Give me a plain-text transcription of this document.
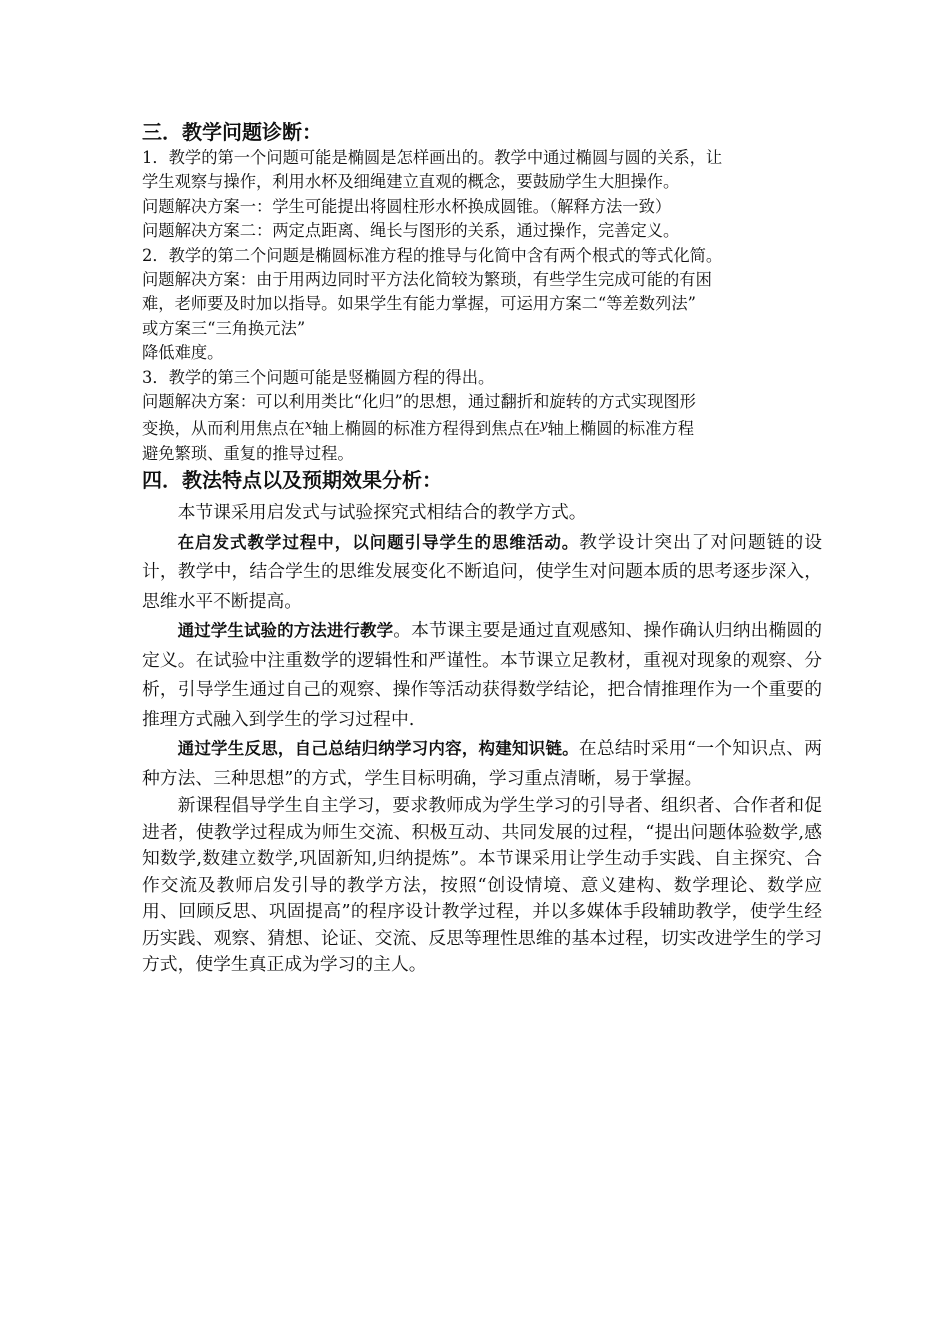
三．教学问题诊断：

1．教学的第一个问题可能是椭圆是怎样画出的。教学中通过椭圆与圆的关系，让

学生观察与操作，利用水杯及细绳建立直观的概念，要鼓励学生大胆操作。

问题解决方案一：学生可能提出将圆柱形水杯换成圆锥。（解释方法一致）

问题解决方案二：两定点距离、绳长与图形的关系，通过操作，完善定义。

2．教学的第二个问题是椭圆标准方程的推导与化简中含有两个根式的等式化简。

问题解决方案：由于用两边同时平方法化简较为繁琐，有些学生完成可能的有困

难，老师要及时加以指导。如果学生有能力掌握，可运用方案二“等差数列法”

或方案三“三角换元法”

降低难度。

3．教学的第三个问题可能是竖椭圆方程的得出。

问题解决方案：可以利用类比“化归”的思想，通过翻折和旋转的方式实现图形

变换，从而利用焦点在$^x$轴上椭圆的标准方程得到焦点在$^y$轴上椭圆的标准方程

避免繁琐、重复的推导过程。

四．教法特点以及预期效果分析：

本节课采用启发式与试验探究式相结合的教学方式。

在启发式教学过程中，以问题引导学生的思维活动。教学设计突出了对问题链的设计，教学中，结合学生的思维发展变化不断追问，使学生对问题本质的思考逐步深入，思维水平不断提高。

通过学生试验的方法进行教学。本节课主要是通过直观感知、操作确认归纳出椭圆的定义。在试验中注重数学的逻辑性和严谨性。本节课立足教材，重视对现象的观察、分析，引导学生通过自己的观察、操作等活动获得数学结论，把合情推理作为一个重要的推理方式融入到学生的学习过程中.

通过学生反思，自己总结归纳学习内容，构建知识链。在总结时采用“一个知识点、两种方法、三种思想”的方式，学生目标明确，学习重点清晰，易于掌握。

新课程倡导学生自主学习，要求教师成为学生学习的引导者、组织者、合作者和促进者，使教学过程成为师生交流、积极互动、共同发展的过程，“提出问题体验数学,感知数学,数建立数学,巩固新知,归纳提炼”。本节课采用让学生动手实践、自主探究、合作交流及教师启发引导的教学方法，按照“创设情境、意义建构、数学理论、数学应用、回顾反思、巩固提高”的程序设计教学过程，并以多媒体手段辅助教学，使学生经历实践、观察、猜想、论证、交流、反思等理性思维的基本过程，切实改进学生的学习方式，使学生真正成为学习的主人。
